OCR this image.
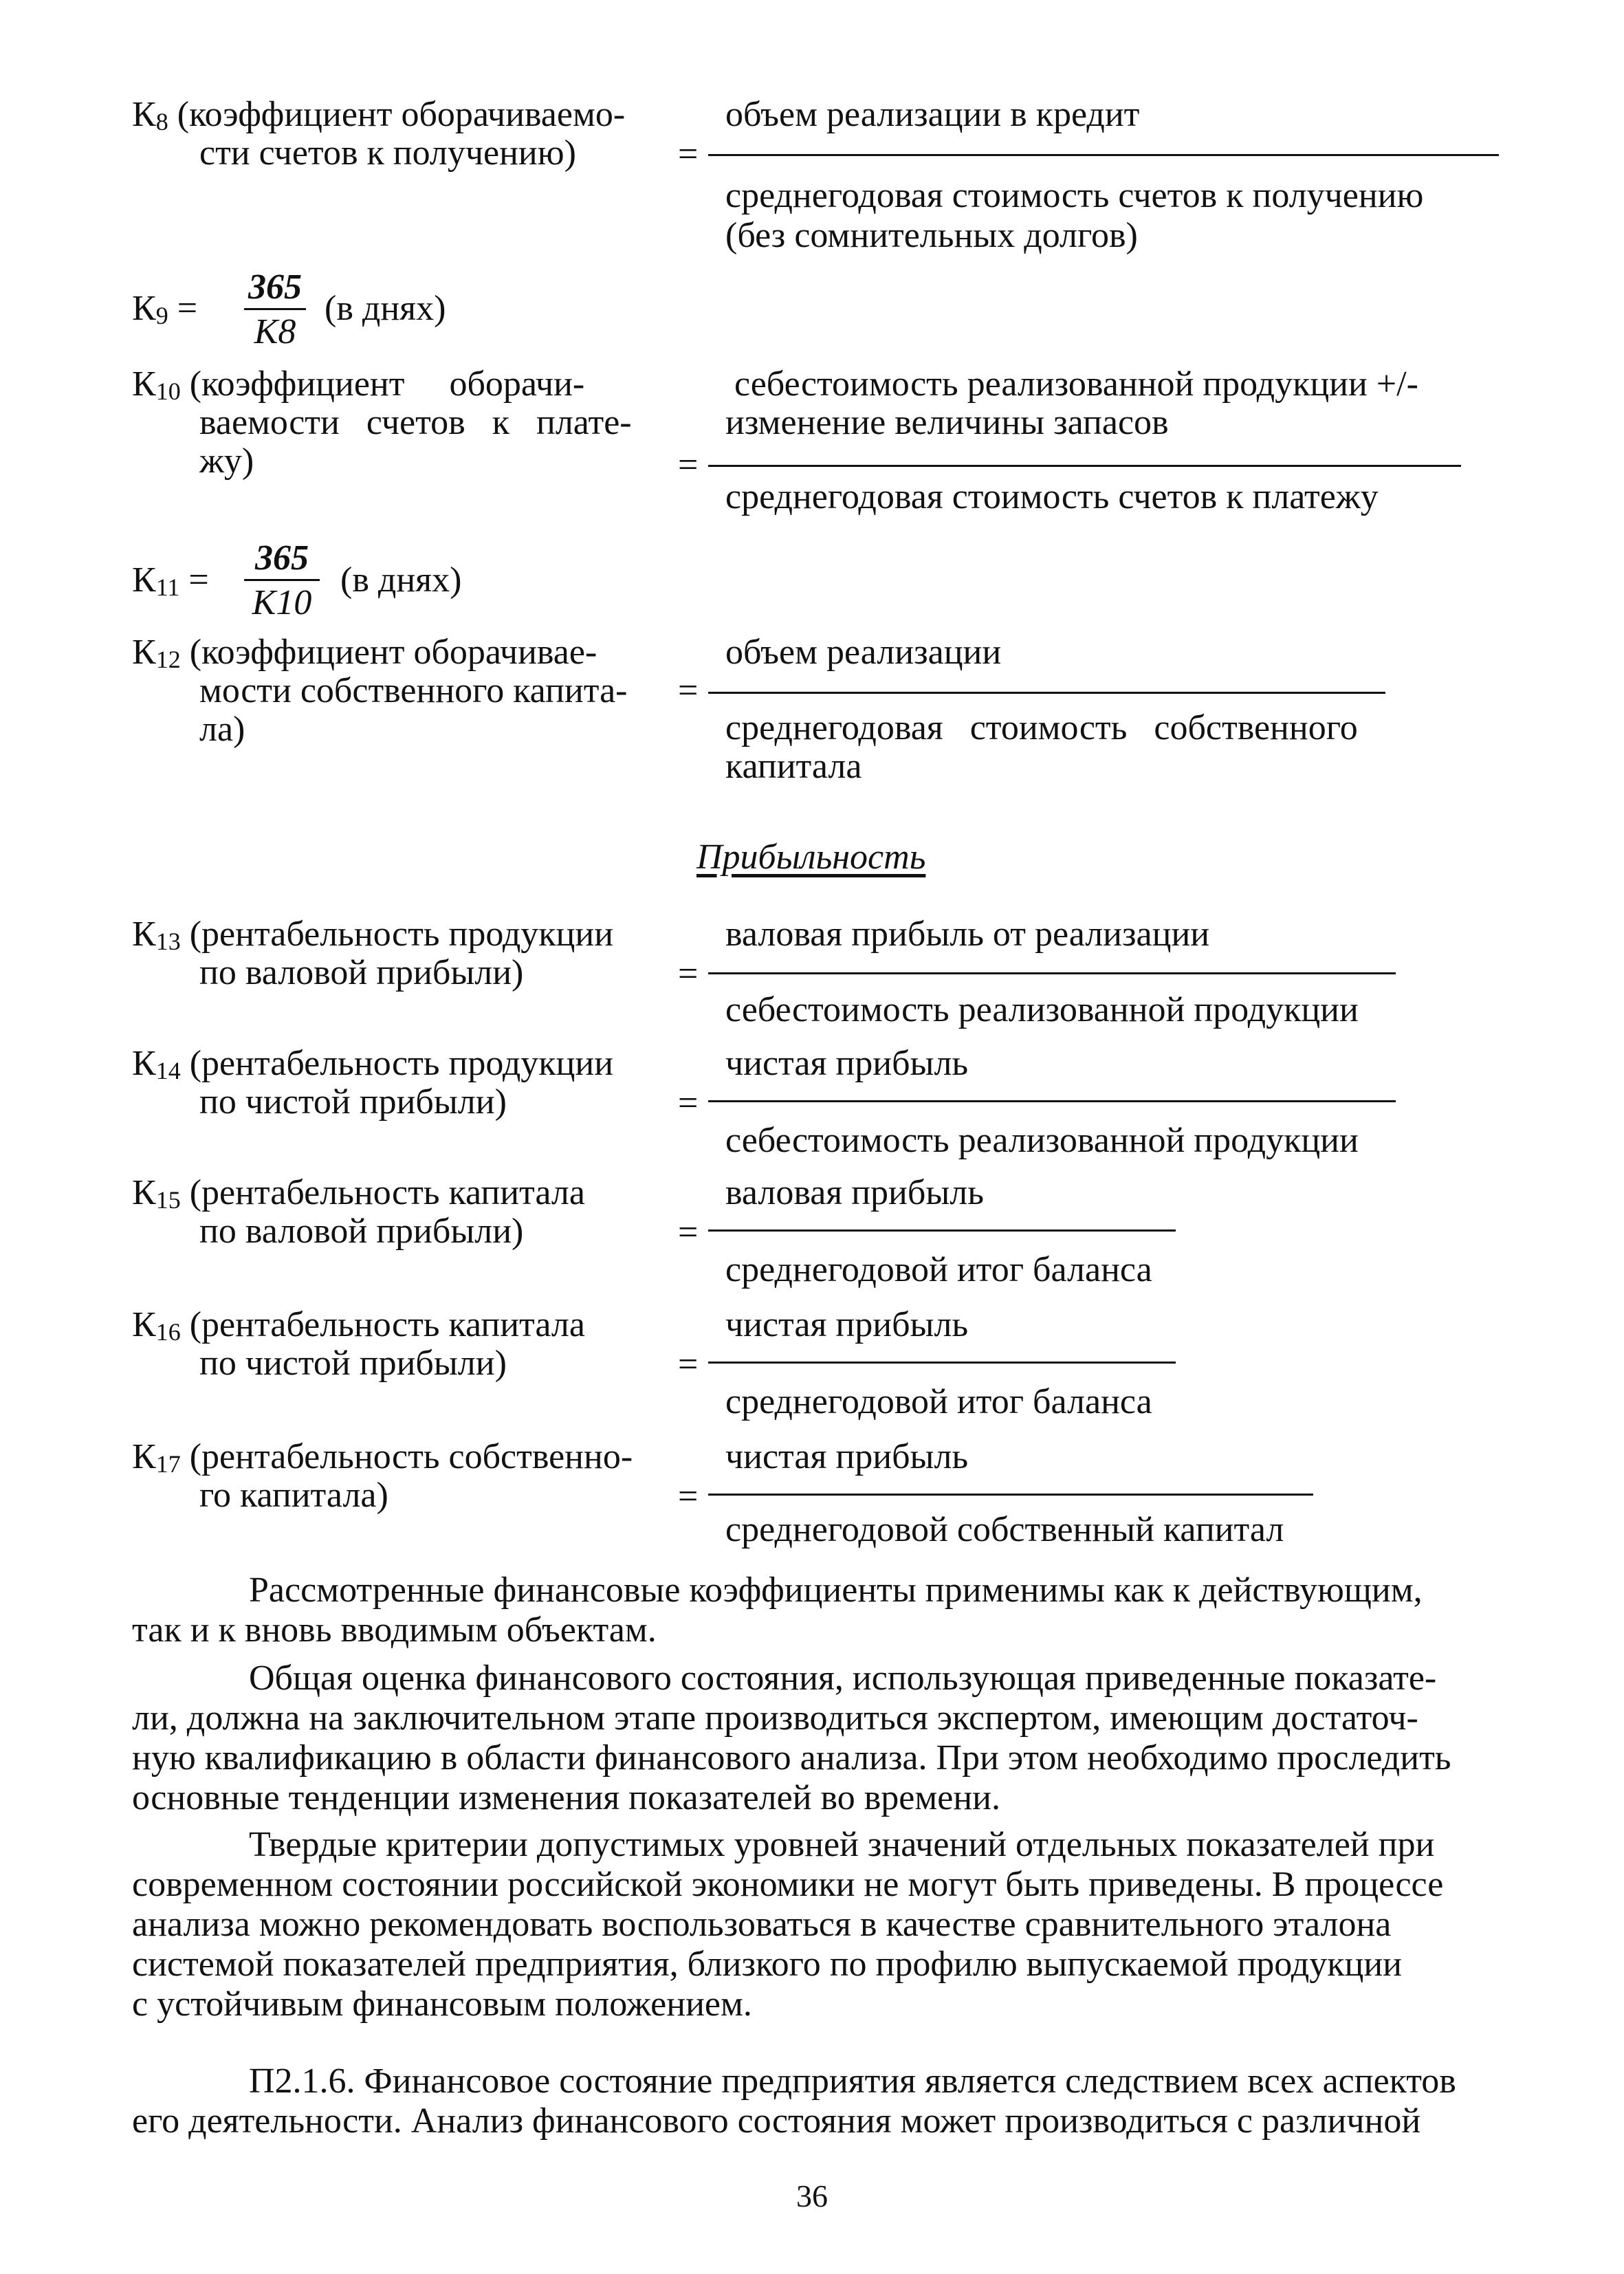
$К_8$ (коэффициент оборачиваемо-
сти счетов к получению)	=
объем реализации в кредит
среднегодовая стоимость счетов к получению
(без сомнительных долгов)
$К_9$ =
365
K8
(в днях)
$К_{10}$ (коэффициент     оборачи-
ваемости   счетов   к   плате-
жу)	=
себестоимость реализованной продукции +/-
изменение величины запасов
среднегодовая стоимость счетов к платежу
$К_{11}$ =
365
K10
(в днях)
$К_{12}$ (коэффициент оборачивае-
мости собственного капита-
ла)
=
объем реализации
среднегодовая   стоимость   собственного
капитала
Прибыльность
$К_{13}$ (рентабельность продукции
по валовой прибыли)	=
валовая прибыль от реализации
себестоимость реализованной продукции
$К_{14}$ (рентабельность продукции
по чистой прибыли)	=
чистая прибыль
себестоимость реализованной продукции
$К_{15}$ (рентабельность капитала
по валовой прибыли)	=
валовая прибыль
среднегодовой итог баланса
$К_{16}$ (рентабельность капитала
по чистой прибыли)	=
чистая прибыль
среднегодовой итог баланса
$К_{17}$ (рентабельность собственно-
го капитала)	=
чистая прибыль
среднегодовой собственный капитал
Рассмотренные финансовые коэффициенты применимы как к действующим,
так и к вновь вводимым объектам.
Общая оценка финансового состояния, использующая приведенные показате-
ли, должна на заключительном этапе производиться экспертом, имеющим достаточ-
ную квалификацию в области финансового анализа. При этом необходимо проследить
основные тенденции изменения показателей во времени.
Твердые критерии допустимых уровней значений отдельных показателей при
современном состоянии российской экономики не могут быть приведены. В процессе
анализа можно рекомендовать воспользоваться в качестве сравнительного эталона
системой показателей предприятия, близкого по профилю выпускаемой продукции
с устойчивым финансовым положением.
П2.1.6. Финансовое состояние предприятия является следствием всех аспектов
его деятельности. Анализ финансового состояния может производиться с различной
36
